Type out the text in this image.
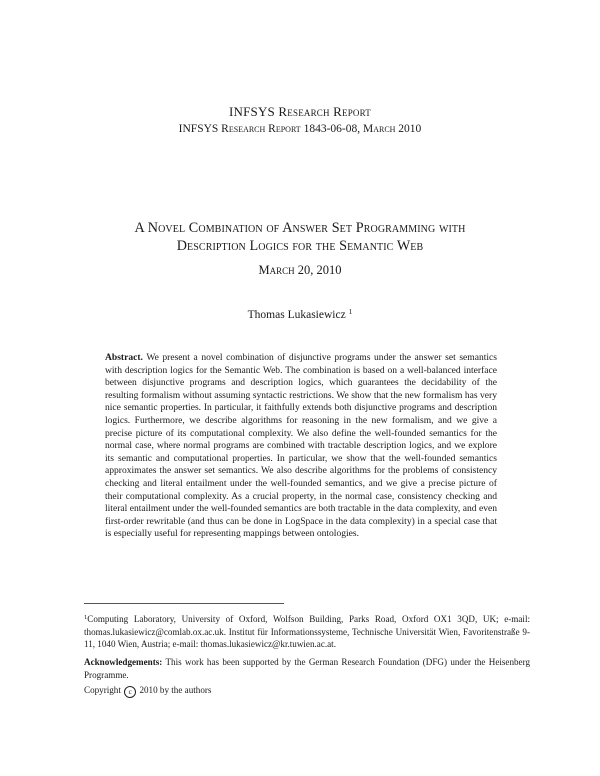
INFSYS Research Report
INFSYS Research Report 1843-06-08, March 2010
A Novel Combination of Answer Set Programming with
Description Logics for the Semantic Web
March 20, 2010
Thomas Lukasiewicz $^1$
Abstract. We present a novel combination of disjunctive programs under the answer set semantics with description logics for the Semantic Web. The combination is based on a well-balanced interface between disjunctive programs and description logics, which guarantees the decidability of the resulting formalism without assuming syntactic restrictions. We show that the new formalism has very nice semantic properties. In particular, it faithfully extends both disjunctive programs and description logics. Furthermore, we describe algorithms for reasoning in the new formalism, and we give a precise picture of its computational complexity. We also define the well-founded semantics for the normal case, where normal programs are combined with tractable description logics, and we explore its semantic and computational properties. In particular, we show that the well-founded semantics approximates the answer set semantics. We also describe algorithms for the problems of consistency checking and literal entailment under the well-founded semantics, and we give a precise picture of their computational complexity. As a crucial property, in the normal case, consistency checking and literal entailment under the well-founded semantics are both tractable in the data complexity, and even first-order rewritable (and thus can be done in LogSpace in the data complexity) in a special case that is especially useful for representing mappings between ontologies.
$^1$Computing Laboratory, University of Oxford, Wolfson Building, Parks Road, Oxford OX1 3QD, UK; e-mail: thomas.lukasiewicz@comlab.ox.ac.uk. Institut für Informationssysteme, Technische Universität Wien, Favoritenstraße 9-11, 1040 Wien, Austria; e-mail: thomas.lukasiewicz@kr.tuwien.ac.at.
Acknowledgements: This work has been supported by the German Research Foundation (DFG) under the Heisenberg Programme.
Copyright c 2010 by the authors
